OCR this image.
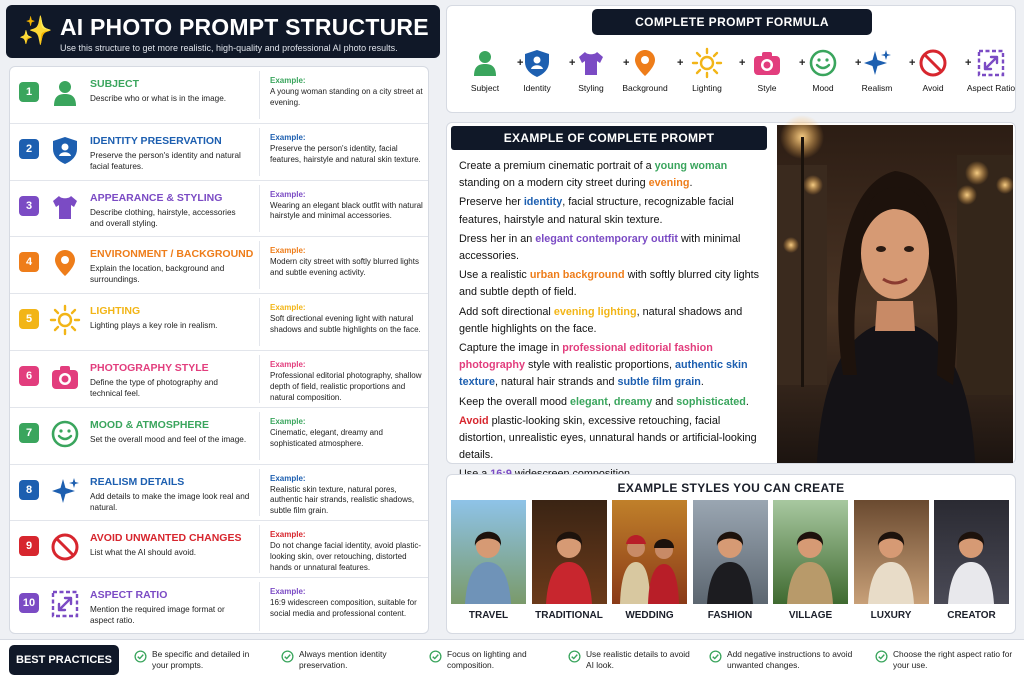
✨ AI PHOTO PROMPT STRUCTURE

Use this structure to get more realistic, high-quality and professional AI photo results.

1
SUBJECT
Describe who or what is in the image.
Example:
A young woman standing on a city street at evening.
2
IDENTITY PRESERVATION
Preserve the person's identity and natural facial features.
Example:
Preserve the person's identity, facial features, hairstyle and natural skin texture.
3
APPEARANCE & STYLING
Describe clothing, hairstyle, accessories and overall styling.
Example:
Wearing an elegant black outfit with natural hairstyle and minimal accessories.
4
ENVIRONMENT / BACKGROUND
Explain the location, background and surroundings.
Example:
Modern city street with softly blurred lights and subtle evening activity.
5
LIGHTING
Lighting plays a key role in realism.
Example:
Soft directional evening light with natural shadows and subtle highlights on the face.
6
PHOTOGRAPHY STYLE
Define the type of photography and technical feel.
Example:
Professional editorial photography, shallow depth of field, realistic proportions and natural composition.
7
MOOD & ATMOSPHERE
Set the overall mood and feel of the image.
Example:
Cinematic, elegant, dreamy and sophisticated atmosphere.
8
REALISM DETAILS
Add details to make the image look real and natural.
Example:
Realistic skin texture, natural pores, authentic hair strands, realistic shadows, subtle film grain.
9
AVOID UNWANTED CHANGES
List what the AI should avoid.
Example:
Do not change facial identity, avoid plastic-looking skin, over retouching, distorted hands or unnatural features.
10
ASPECT RATIO
Mention the required image format or aspect ratio.
Example:
16:9 widescreen composition, suitable for social media and professional content.
COMPLETE PROMPT FORMULA
Subject
+
Identity
+
Styling
+
Background
+
Lighting
+
Style
+
Mood
+
Realism
+
Avoid
+
Aspect Ratio
EXAMPLE OF COMPLETE PROMPT

Create a premium cinematic portrait of a young woman standing on a modern city street during evening.

Preserve her identity, facial structure, recognizable facial features, hairstyle and natural skin texture.

Dress her in an elegant contemporary outfit with minimal accessories.

Use a realistic urban background with softly blurred city lights and subtle depth of field.

Add soft directional evening lighting, natural shadows and gentle highlights on the face.

Capture the image in professional editorial fashion photography style with realistic proportions, authentic skin texture, natural hair strands and subtle film grain.

Keep the overall mood elegant, dreamy and sophisticated.

Avoid plastic-looking skin, excessive retouching, facial distortion, unrealistic eyes, unnatural hands or artificial-looking details.

EXAMPLE STYLES YOU CAN CREATE
TRAVEL	TRADITIONAL	WEDDING	FASHION	VILLAGE	LUXURY	CREATOR
BEST PRACTICES	Be specific and detailed in your prompts.
Always mention identity preservation.
Focus on lighting and composition.
Use realistic details to avoid AI look.
Add negative instructions to avoid unwanted changes.
Choose the right aspect ratio for your use.
